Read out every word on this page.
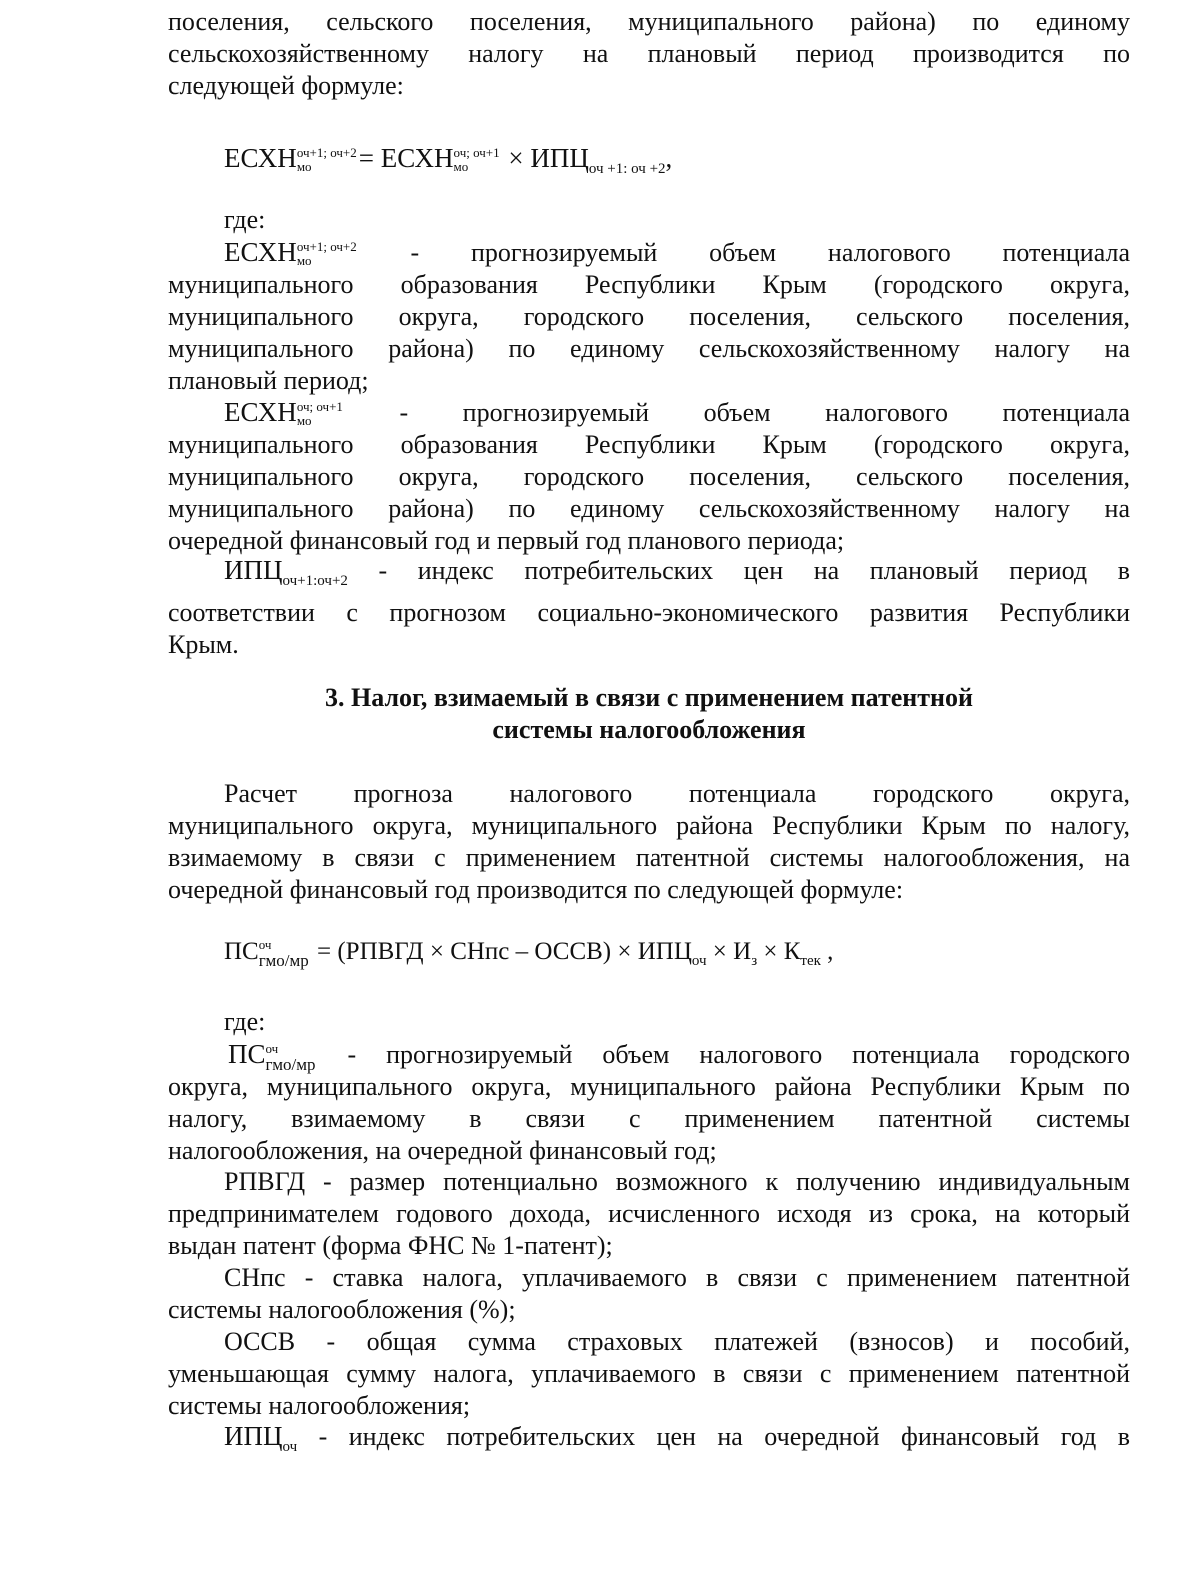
поселения, сельского поселения, муниципального района) по единому

сельскохозяйственному налогу на плановый период производится по

следующей формуле:

ЕСХН оч+1; оч+2
мо	= ЕСХН оч; оч+1
мо	× $ИПЦ_{оч +1: оч +2}$,

где:

ЕСХН оч+1; оч+2
мо	- прогнозируемый объем налогового потенциала

муниципального образования Республики Крым (городского округа,

муниципального округа, городского поселения, сельского поселения,

муниципального района) по единому сельскохозяйственному налогу на

плановый период;

ЕСХН оч; оч+1
мо	- прогнозируемый объем налогового потенциала

муниципального образования Республики Крым (городского округа,

муниципального округа, городского поселения, сельского поселения,

муниципального района) по единому сельскохозяйственному налогу на

очередной финансовый год и первый год планового периода;

$ИПЦ_{оч+1:оч+2}$ - индекс потребительских цен на плановый период в

соответствии с прогнозом социально-экономического развития Республики

Крым.

3. Налог, взимаемый в связи с применением патентной

системы налогообложения

Расчет прогноза налогового потенциала городского округа,

муниципального округа, муниципального района Республики Крым по налогу,

взимаемому в связи с применением патентной системы налогообложения, на

очередной финансовый год производится по следующей формуле:

ПС оч
гмо/мр = (РПВГД × СНпс – ОССВ) × $ИПЦ_{оч} \times И_з \times К_{тек}$ ,

где:

ПС оч
гмо/мр - прогнозируемый объем налогового потенциала городского

округа, муниципального округа, муниципального района Республики Крым по

налогу, взимаемому в связи с применением патентной системы

налогообложения, на очередной финансовый год;

РПВГД - размер потенциально возможного к получению индивидуальным

предпринимателем годового дохода, исчисленного исходя из срока, на который

выдан патент (форма ФНС № 1-патент);

СНпс - ставка налога, уплачиваемого в связи с применением патентной

системы налогообложения (%);

ОССВ - общая сумма страховых платежей (взносов) и пособий,

уменьшающая сумму налога, уплачиваемого в связи с применением патентной

системы налогообложения;

$ИПЦ_{оч}$ - индекс потребительских цен на очередной финансовый год в
